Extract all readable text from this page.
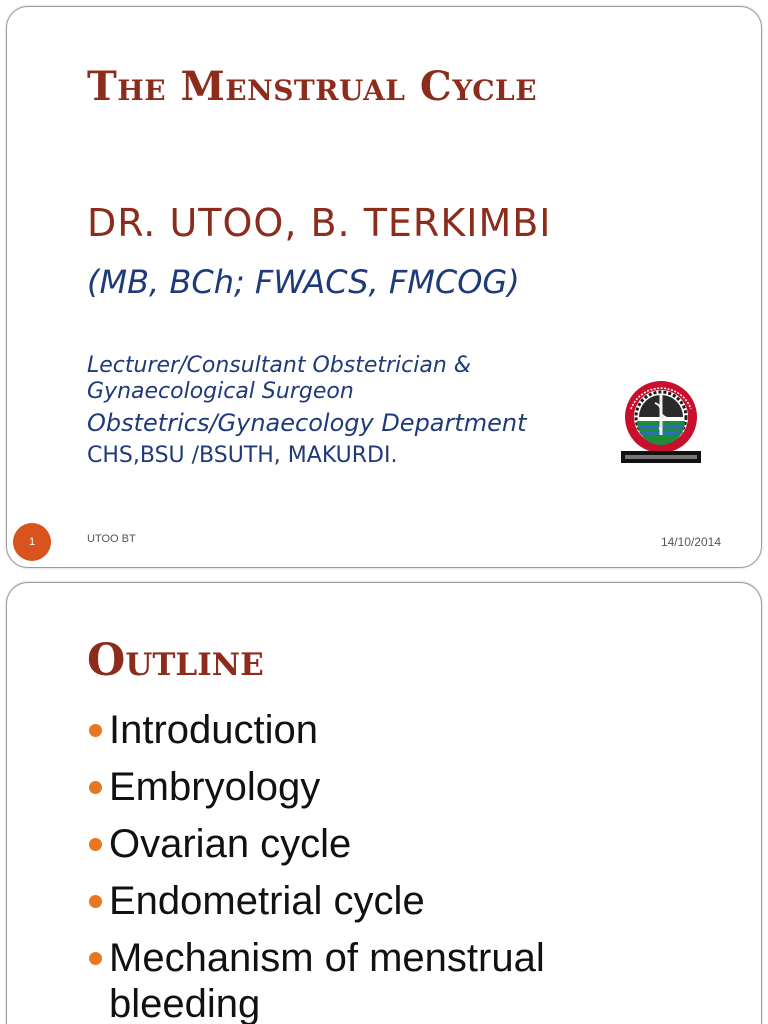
The Menstrual Cycle
DR. UTOO, B. TERKIMBI
(MB, BCh; FWACS, FMCOG)
Lecturer/Consultant Obstetrician &
Gynaecological Surgeon
Obstetrics/Gynaecology Department
CHS,BSU /BSUTH, MAKURDI.
1	UTOO BT	14/10/2014
Outline
Introduction
Embryology
Ovarian cycle
Endometrial cycle
Mechanism of menstrual bleeding
